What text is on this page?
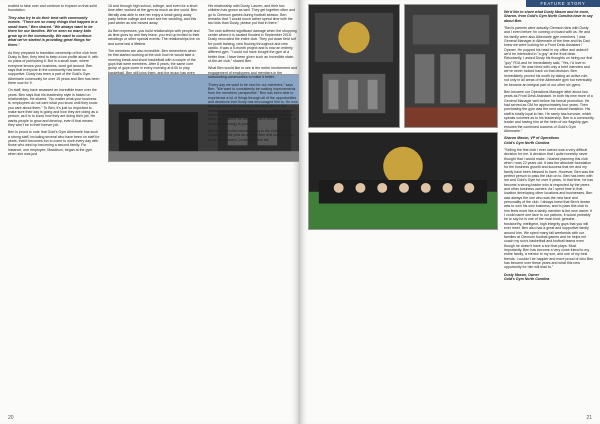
excited to take over and continue to expand on that solid foundation.

They also try to do their best with community events. "There are so many things that happen in a small town," Ben shared. "We always want to be there for our families. We've seen so many kids grow up in the community. We want to continue what we've started is providing great things for them."

As they prepared to transition ownership of the club from Dusty to Ben, they tried to keep a low profile about it, with no plans of publicizing it. But in a small town, where everyone knows your business, word got around. Ben says that everyone in the community has been so supportive. Dusty has been a part of the Gold's Gym Albemarle community for over 15 years and Ben has been there now for 9.

On staff, they have amassed an incredible team over the years. Ben says that his leadership style is based on relationships. He shared, "No matter what your business is, employees do not care what you know until they know you care about them." To Ben, it's just so important to make sure their day is going and how they are doing as a person, as it is to know how they are doing their job. He wants people to grow and develop, even if that means they won't be in their forever job.

Ben is proud to note that Gold's Gym Albemarle has such a strong staff, including several who have been on staff for years, that it becomes fun to come to work every day with those who wind up becoming a second family. For instance, one employee, Maddison, began at the gym when she was just

16 and through high school, college, and even for a short time after, worked at the gym as much as she could. Ben literally was able to see her enjoy a small going away party before college and even see her wedding, and this past winter as she moved away.

As Ben expresses, you build relationships with people and as time goes by and they leave, you end up invited to their weddings or other special events. The relationships live on and some last a lifetime.

The members are also incredible. Ben remembers when he first started working at the club how he would take a morning break and shoot basketball with a couple of the guys that were members. After 8 years, the same core group of guys come in every morning at 6:00 to play basketball. Ben still joins them, and the group has even

His relationship with Dusty, Lauren, and their two children has grown as well. They get together often and go to Clemson games during football season. Ben remarks that "I would much rather spend time with the two kids than Dusty, please put that in there."

The club suffered significant damage when the shopping center where it is located flooded in September 2015. Dusty renovated the entire club. They put down field turf for youth training, new flooring throughout and new cardio. It was a 5-month project and is now an entirely different gym. "I could not have bought the gym at a better time. I have been given such an incredible state-of-the-art club," shared Ben.

What Ben would like to see is the entire involvement and engagement of employees and members in the surrounding communities to make it better.

"Every day we want to be new for our members," says Ben. "We want to consistently be making improvements from the members' perspective." Ben has been able to experience a lot of things through all of the opportunities and decisions that Dusty has encouraged him to. He now has a good feel for the brand and feels like he has already been in the franchisee role for a while. He feels that the franchisees have been a big impact, which has been very positive for the brand as a whole. They are all in and the synergy is good.

Ben is very excited about coming to the Gold's Gym Convention this year as a franchisee and looks forward to his first Owners' Conference this fall.

20
FEATURE STORY

We'd like to share what Dusty Mason and he more, Sharon, from Gold's Gym North Carolina have to say about Ben.

"Ben's parents were actually Clemson fans with Dusty and I even before I'm coming on board with us. He and his family were also Albemarle gym members. I was General Manager in Albemarle of the time and his Dad knew we were looking for a Front Desk Assistant / Opener. He popped his head in my office and asked if we'd be interested in "a guy" at the front desk. Reluctantly, I asked Dusty his thoughts on hiring our first "guy" FDA and he immediately said, "Yes, I'd love to have him!" He was hired with only a brief interview and we've never looked back on that decision. Ben immediately proved his worth by taking an active role, not only in all areas of the Albemarle gym but eventually he became an integral part of our other six gyms.

Ben became our Operations Manager after about two years as Front Desk Assistant. In both his new more of a General Manager well before his formal promotion. He had served as GM for approximately four years. Then purchasing the gym was the next natural transition. His staff is totally loyal to him. He rarely has turnover, which speaks volumes as to his leadership. Ben is a community leader and having him at the helm of our flagship gym ensures the continued success of Gold's Gym Albemarle."

Sharon Mason, VP of Operations
Gold's Gym North Carolina

"Selling the first club I ever owned was a very difficult decision for me. A decision that I quite honestly never thought that I would make. I started planning this club when I was 22 years old. It was the absolute foundation for the business growth and success that me and my family have been blessed to have. However, Ben was the perfect person to pass the club on to. Ben has been with me and Gold's Gym for over 9 years. In that time, he has become a strong leader who is respected by the peers and other business owners. As I spent time in that location developing other locations and businesses, Ben was always the one who was the new face and personality of the club. I always knew that Ben's dream was to own his own business, and to pass this club to him feels more like a family member is the new owner. If I could name one face to our patrons, it would probably be to say he is one of the most kind, genuine, trustworthy, intelligent, high integrity guys that you will ever meet. Ben also has a great and supportive family around him. We spent many fall weekends with our families at Clemson football games and he helps me coach my son's basketball and football teams even though he doesn't have a son that plays. Most importantly, Ben has become a very close friend to my entire family, a mentor to my son, and one of my best friends. I couldn't be happier and more proud of who Ben has become over these years and what this new opportunity for him will lead to."

Dusty Mason, Owner
Gold's Gym North Carolina

21
